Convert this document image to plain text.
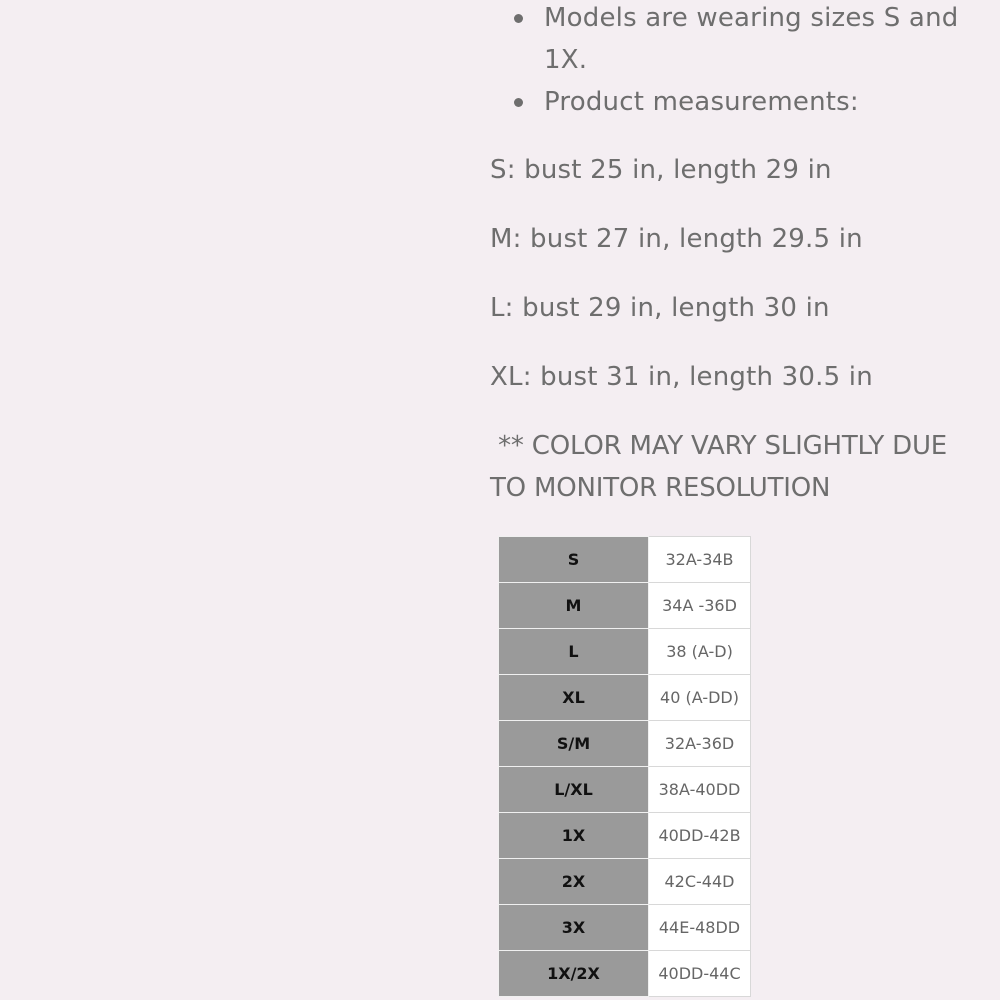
Models are wearing sizes S and 1X.
Product measurements:

S: bust 25 in, length 29 in

M: bust 27 in, length 29.5 in

L: bust 29 in, length 30 in

XL: bust 31 in, length 30.5 in

** COLOR MAY VARY SLIGHTLY DUE TO MONITOR RESOLUTION

S	32A-34B
M	34A -36D
L	38 (A-D)
XL	40 (A-DD)
S/M	32A-36D
L/XL	38A-40DD
1X	40DD-42B
2X	42C-44D
3X	44E-48DD
1X/2X	40DD-44C
